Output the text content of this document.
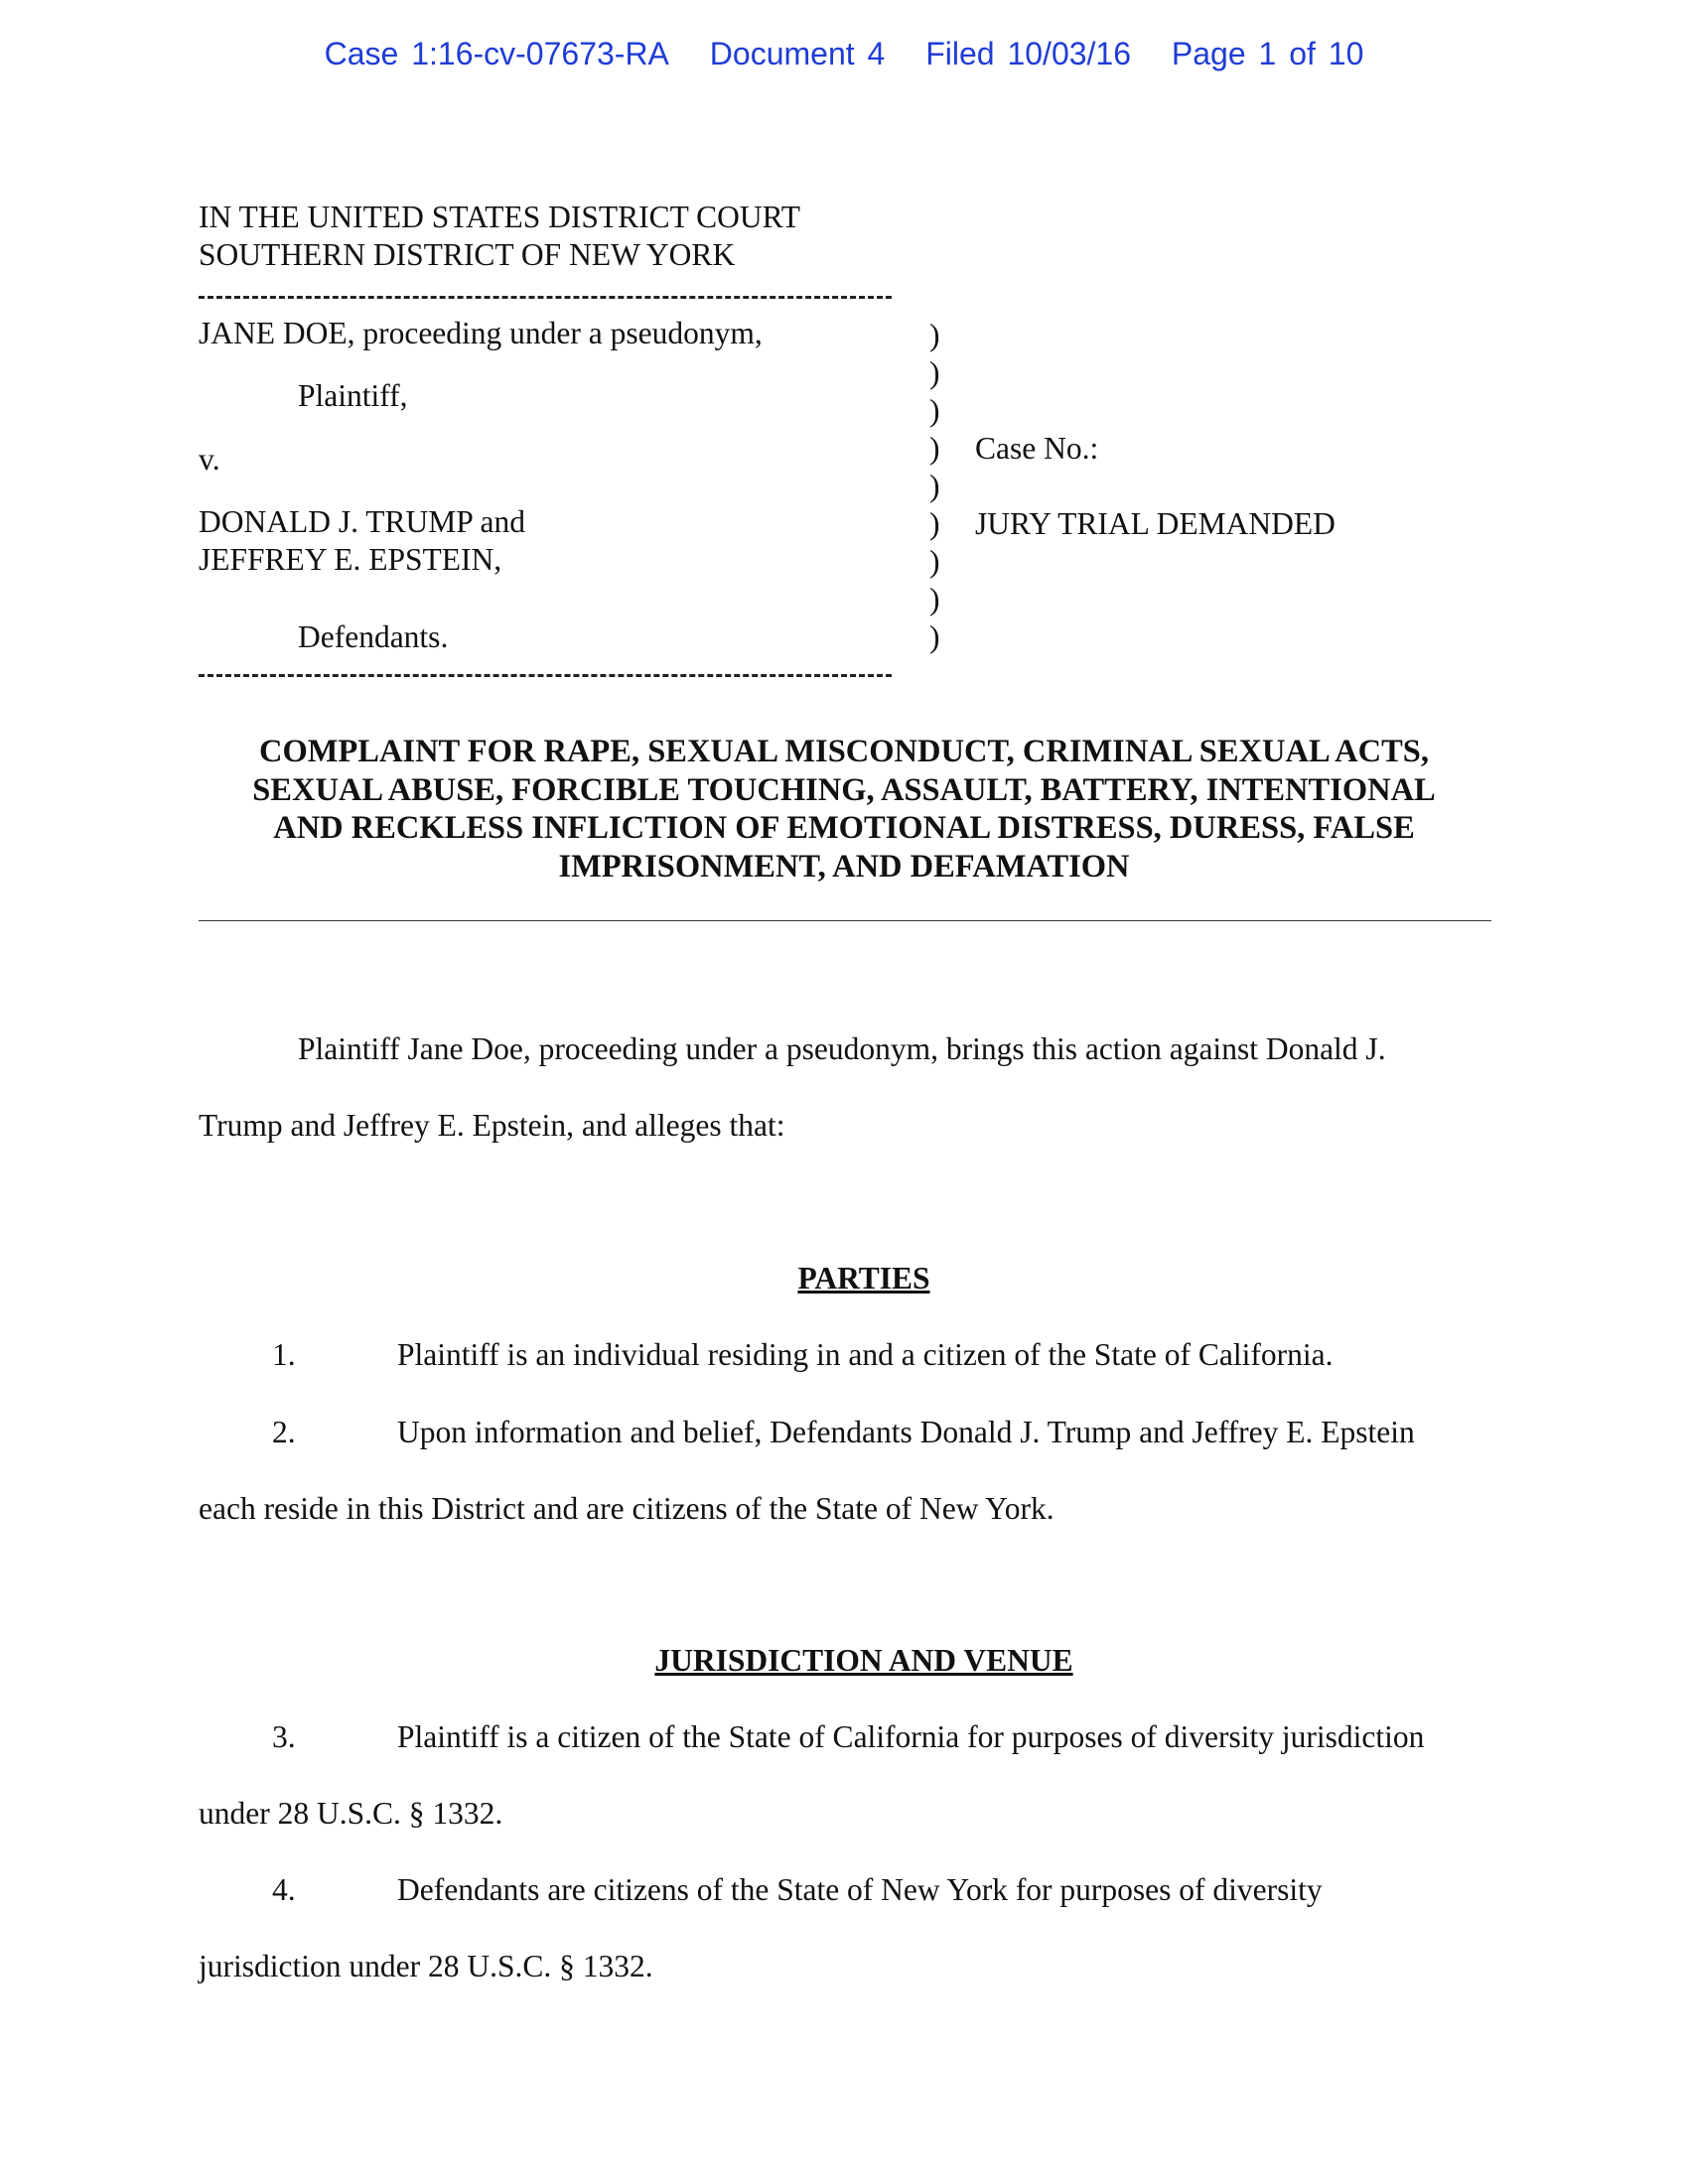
Case 1:16-cv-07673-RA Document 4 Filed 10/03/16 Page 1 of 10
IN THE UNITED STATES DISTRICT COURT
SOUTHERN DISTRICT OF NEW YORK
JANE DOE, proceeding under a pseudonym,
Plaintiff,
v.
DONALD J. TRUMP and
JEFFREY E. EPSTEIN,
Defendants.
)
)
)
)
)
)
)
)
)
Case No.:
JURY TRIAL DEMANDED
COMPLAINT FOR RAPE, SEXUAL MISCONDUCT, CRIMINAL SEXUAL ACTS,
SEXUAL ABUSE, FORCIBLE TOUCHING, ASSAULT, BATTERY, INTENTIONAL
AND RECKLESS INFLICTION OF EMOTIONAL DISTRESS, DURESS, FALSE
IMPRISONMENT, AND DEFAMATION
Plaintiff Jane Doe, proceeding under a pseudonym, brings this action against Donald J.
Trump and Jeffrey E. Epstein, and alleges that:
PARTIES
1.	Plaintiff is an individual residing in and a citizen of the State of California.
2.	Upon information and belief, Defendants Donald J. Trump and Jeffrey E. Epstein
each reside in this District and are citizens of the State of New York.
JURISDICTION AND VENUE
3.	Plaintiff is a citizen of the State of California for purposes of diversity jurisdiction
under 28 U.S.C. § 1332.
4.	Defendants are citizens of the State of New York for purposes of diversity
jurisdiction under 28 U.S.C. § 1332.
